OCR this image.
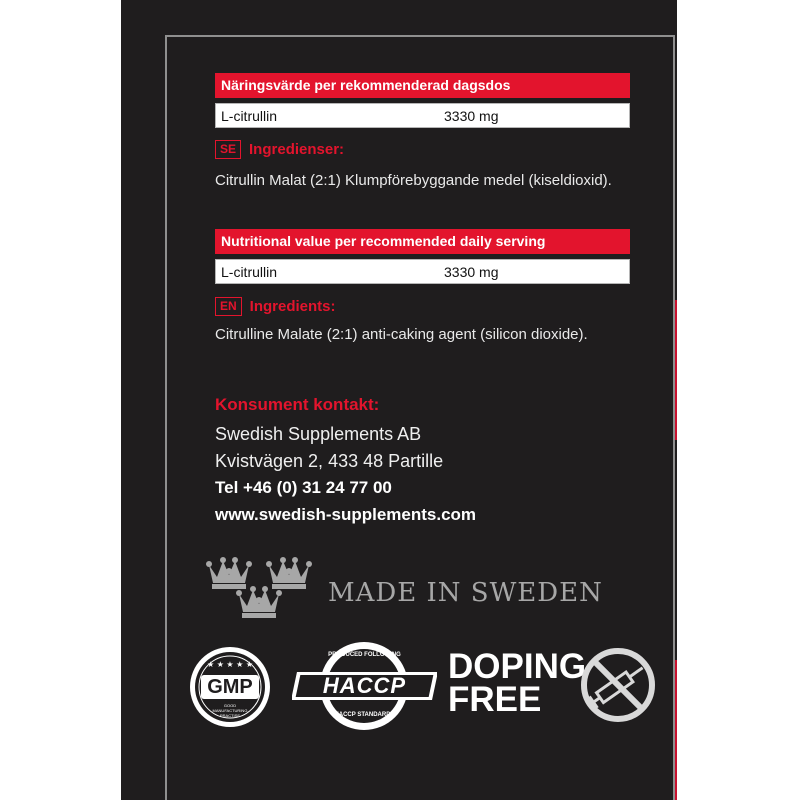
Näringsvärde per rekommenderad dagsdos
L-citrullin	3330 mg
SE Ingredienser:
Citrullin Malat (2:1) Klumpförebyggande medel (kiseldioxid).
Nutritional value per recommended daily serving
L-citrullin	3330 mg
EN Ingredients:
Citrulline Malate (2:1) anti-caking agent (silicon dioxide).
Konsument kontakt:
Swedish Supplements AB
Kvistvägen 2, 433 48 Partille
Tel +46 (0) 31 24 77 00
www.swedish-supplements.com
MADE IN SWEDEN
★ ★ ★ ★ ★
GMP
GOOD MANUFACTURING PRACTISE
HACCP
PRODUCED FOLLOWING
HACCP STANDARDS
DOPING
FREE
